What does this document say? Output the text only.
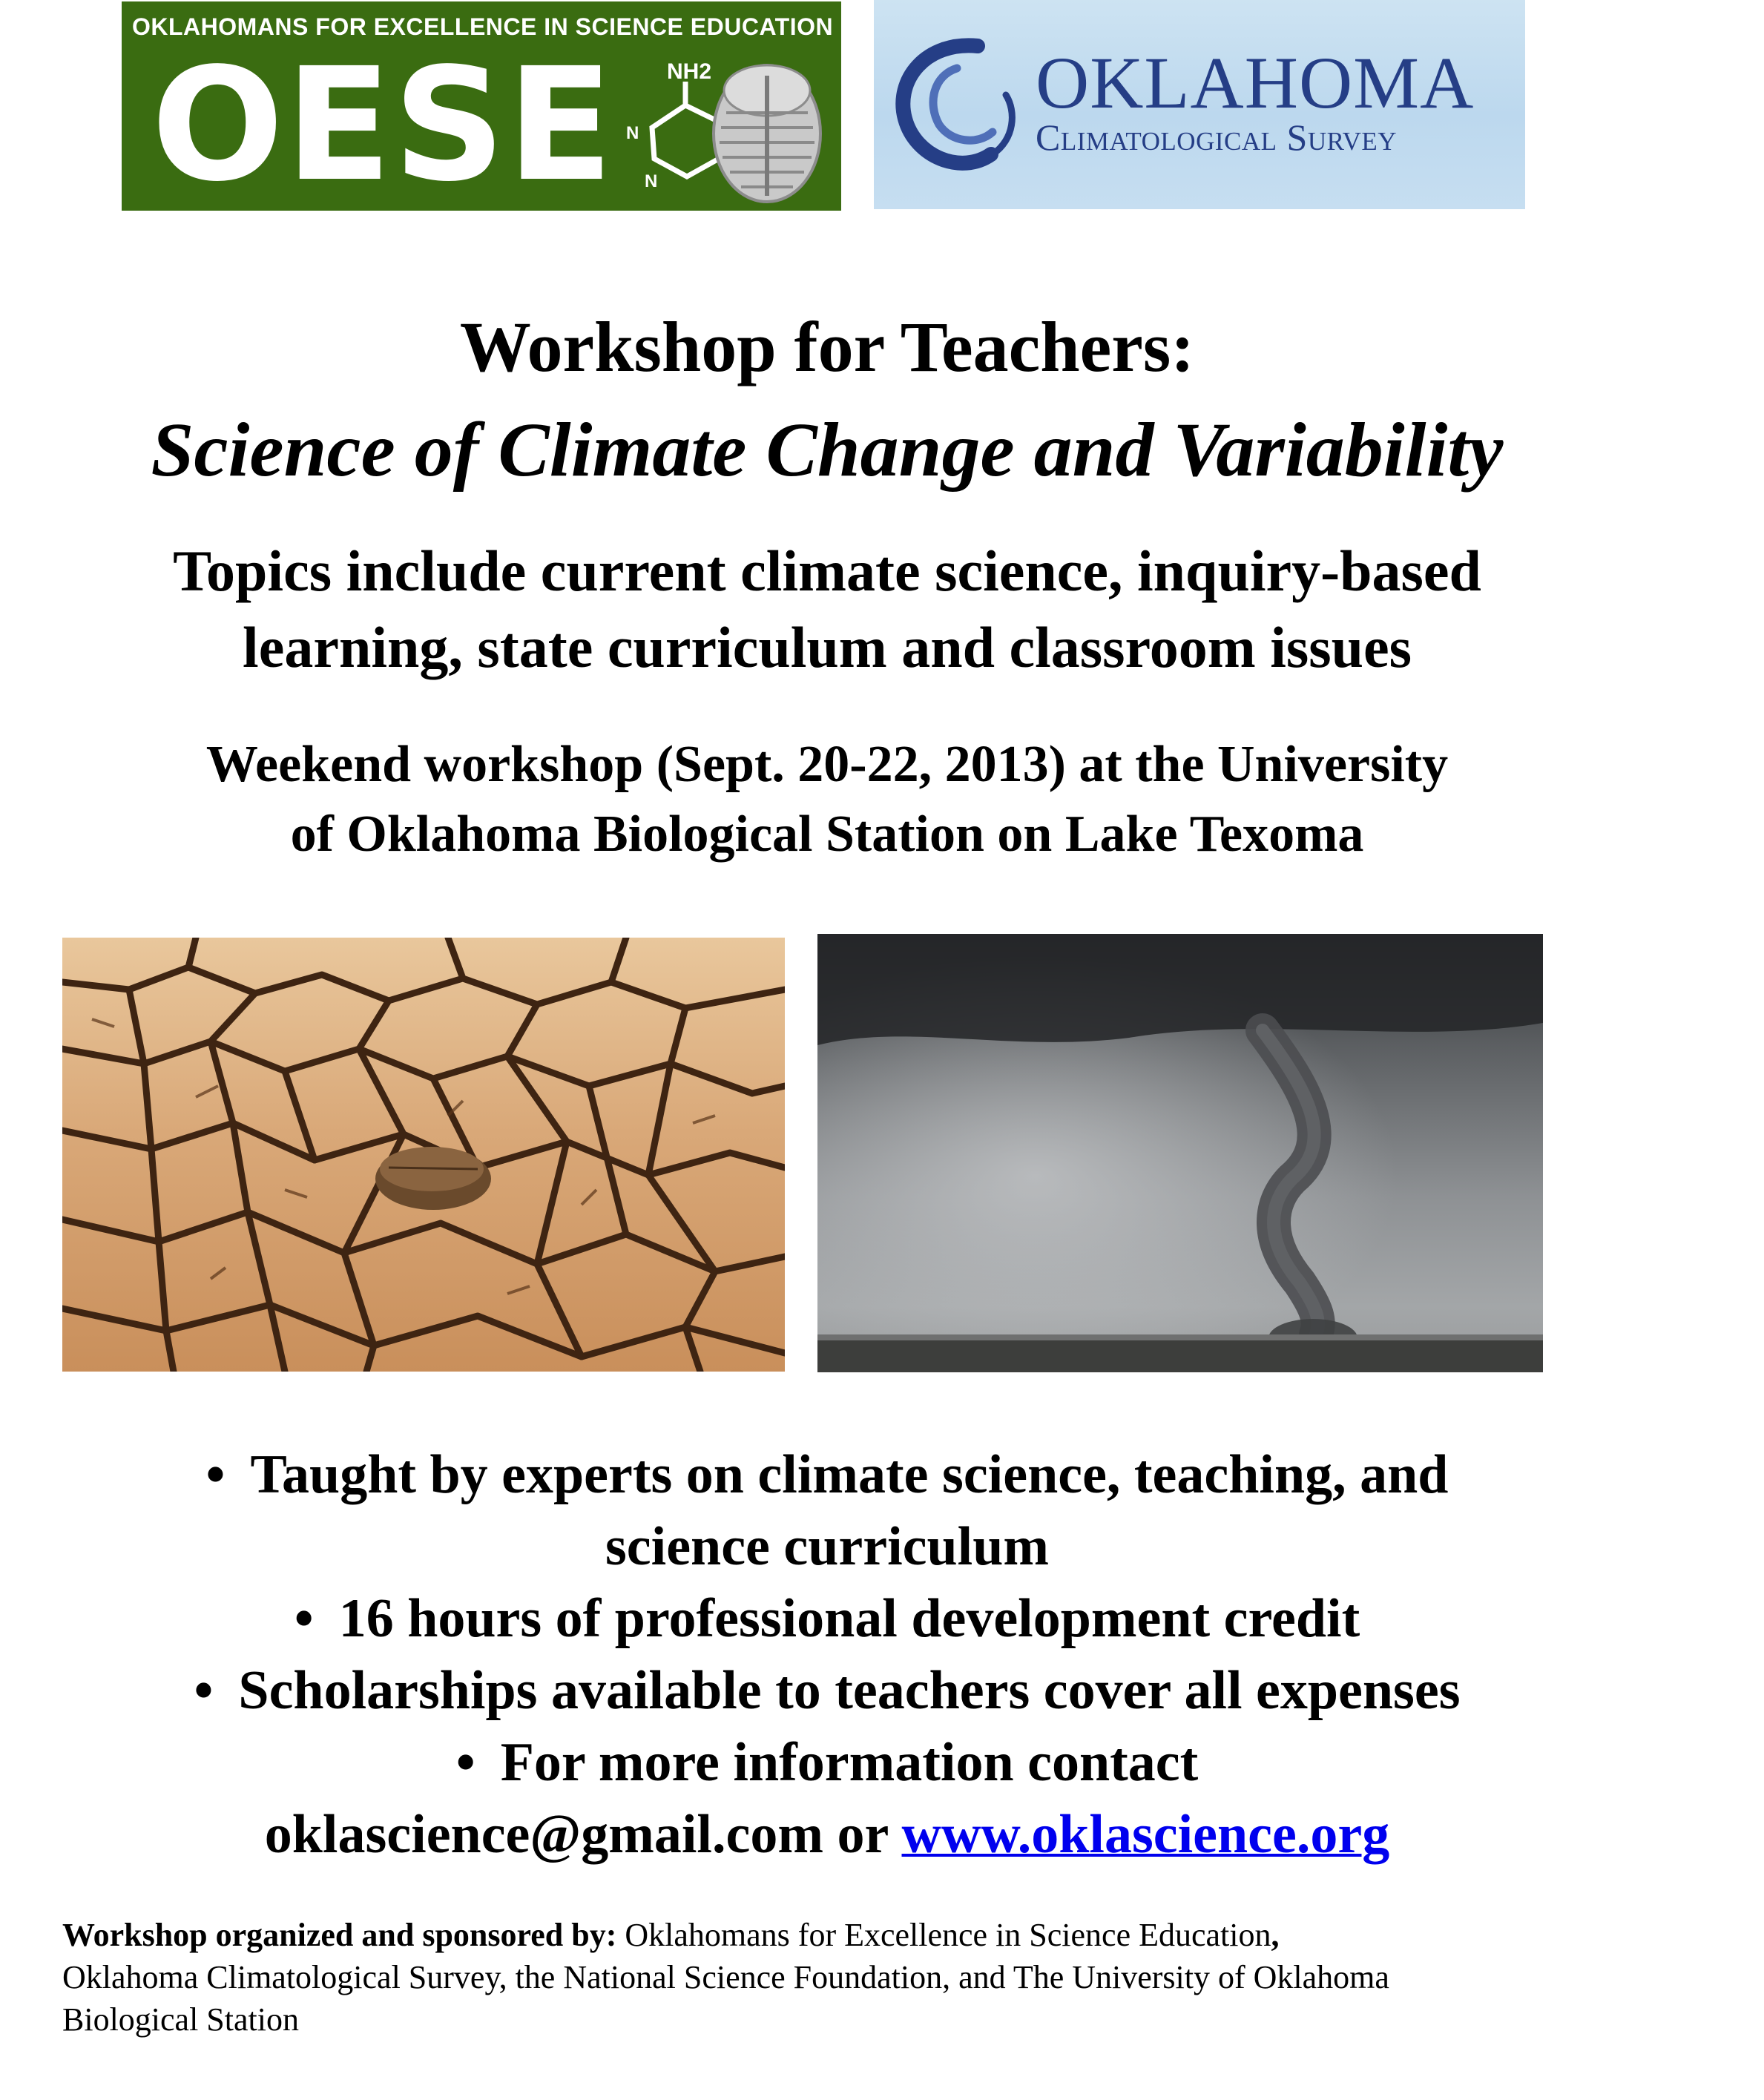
OKLAHOMANS FOR EXCELLENCE IN SCIENCE EDUCATION
OESE NH2
N
N
OKLAHOMA
Climatological Survey
Workshop for Teachers:
Science of Climate Change and Variability
Topics include current climate science, inquiry-based
learning, state curriculum and classroom issues
Weekend workshop (Sept. 20-22, 2013) at the University
of Oklahoma Biological Station on Lake Texoma
• Taught by experts on climate science, teaching, and
science curriculum
• 16 hours of professional development credit
• Scholarships available to teachers cover all expenses
• For more information contact
oklascience@gmail.com or www.oklascience.org
Workshop organized and sponsored by: Oklahomans for Excellence in Science Education,
Oklahoma Climatological Survey, the National Science Foundation, and The University of Oklahoma
Biological Station
